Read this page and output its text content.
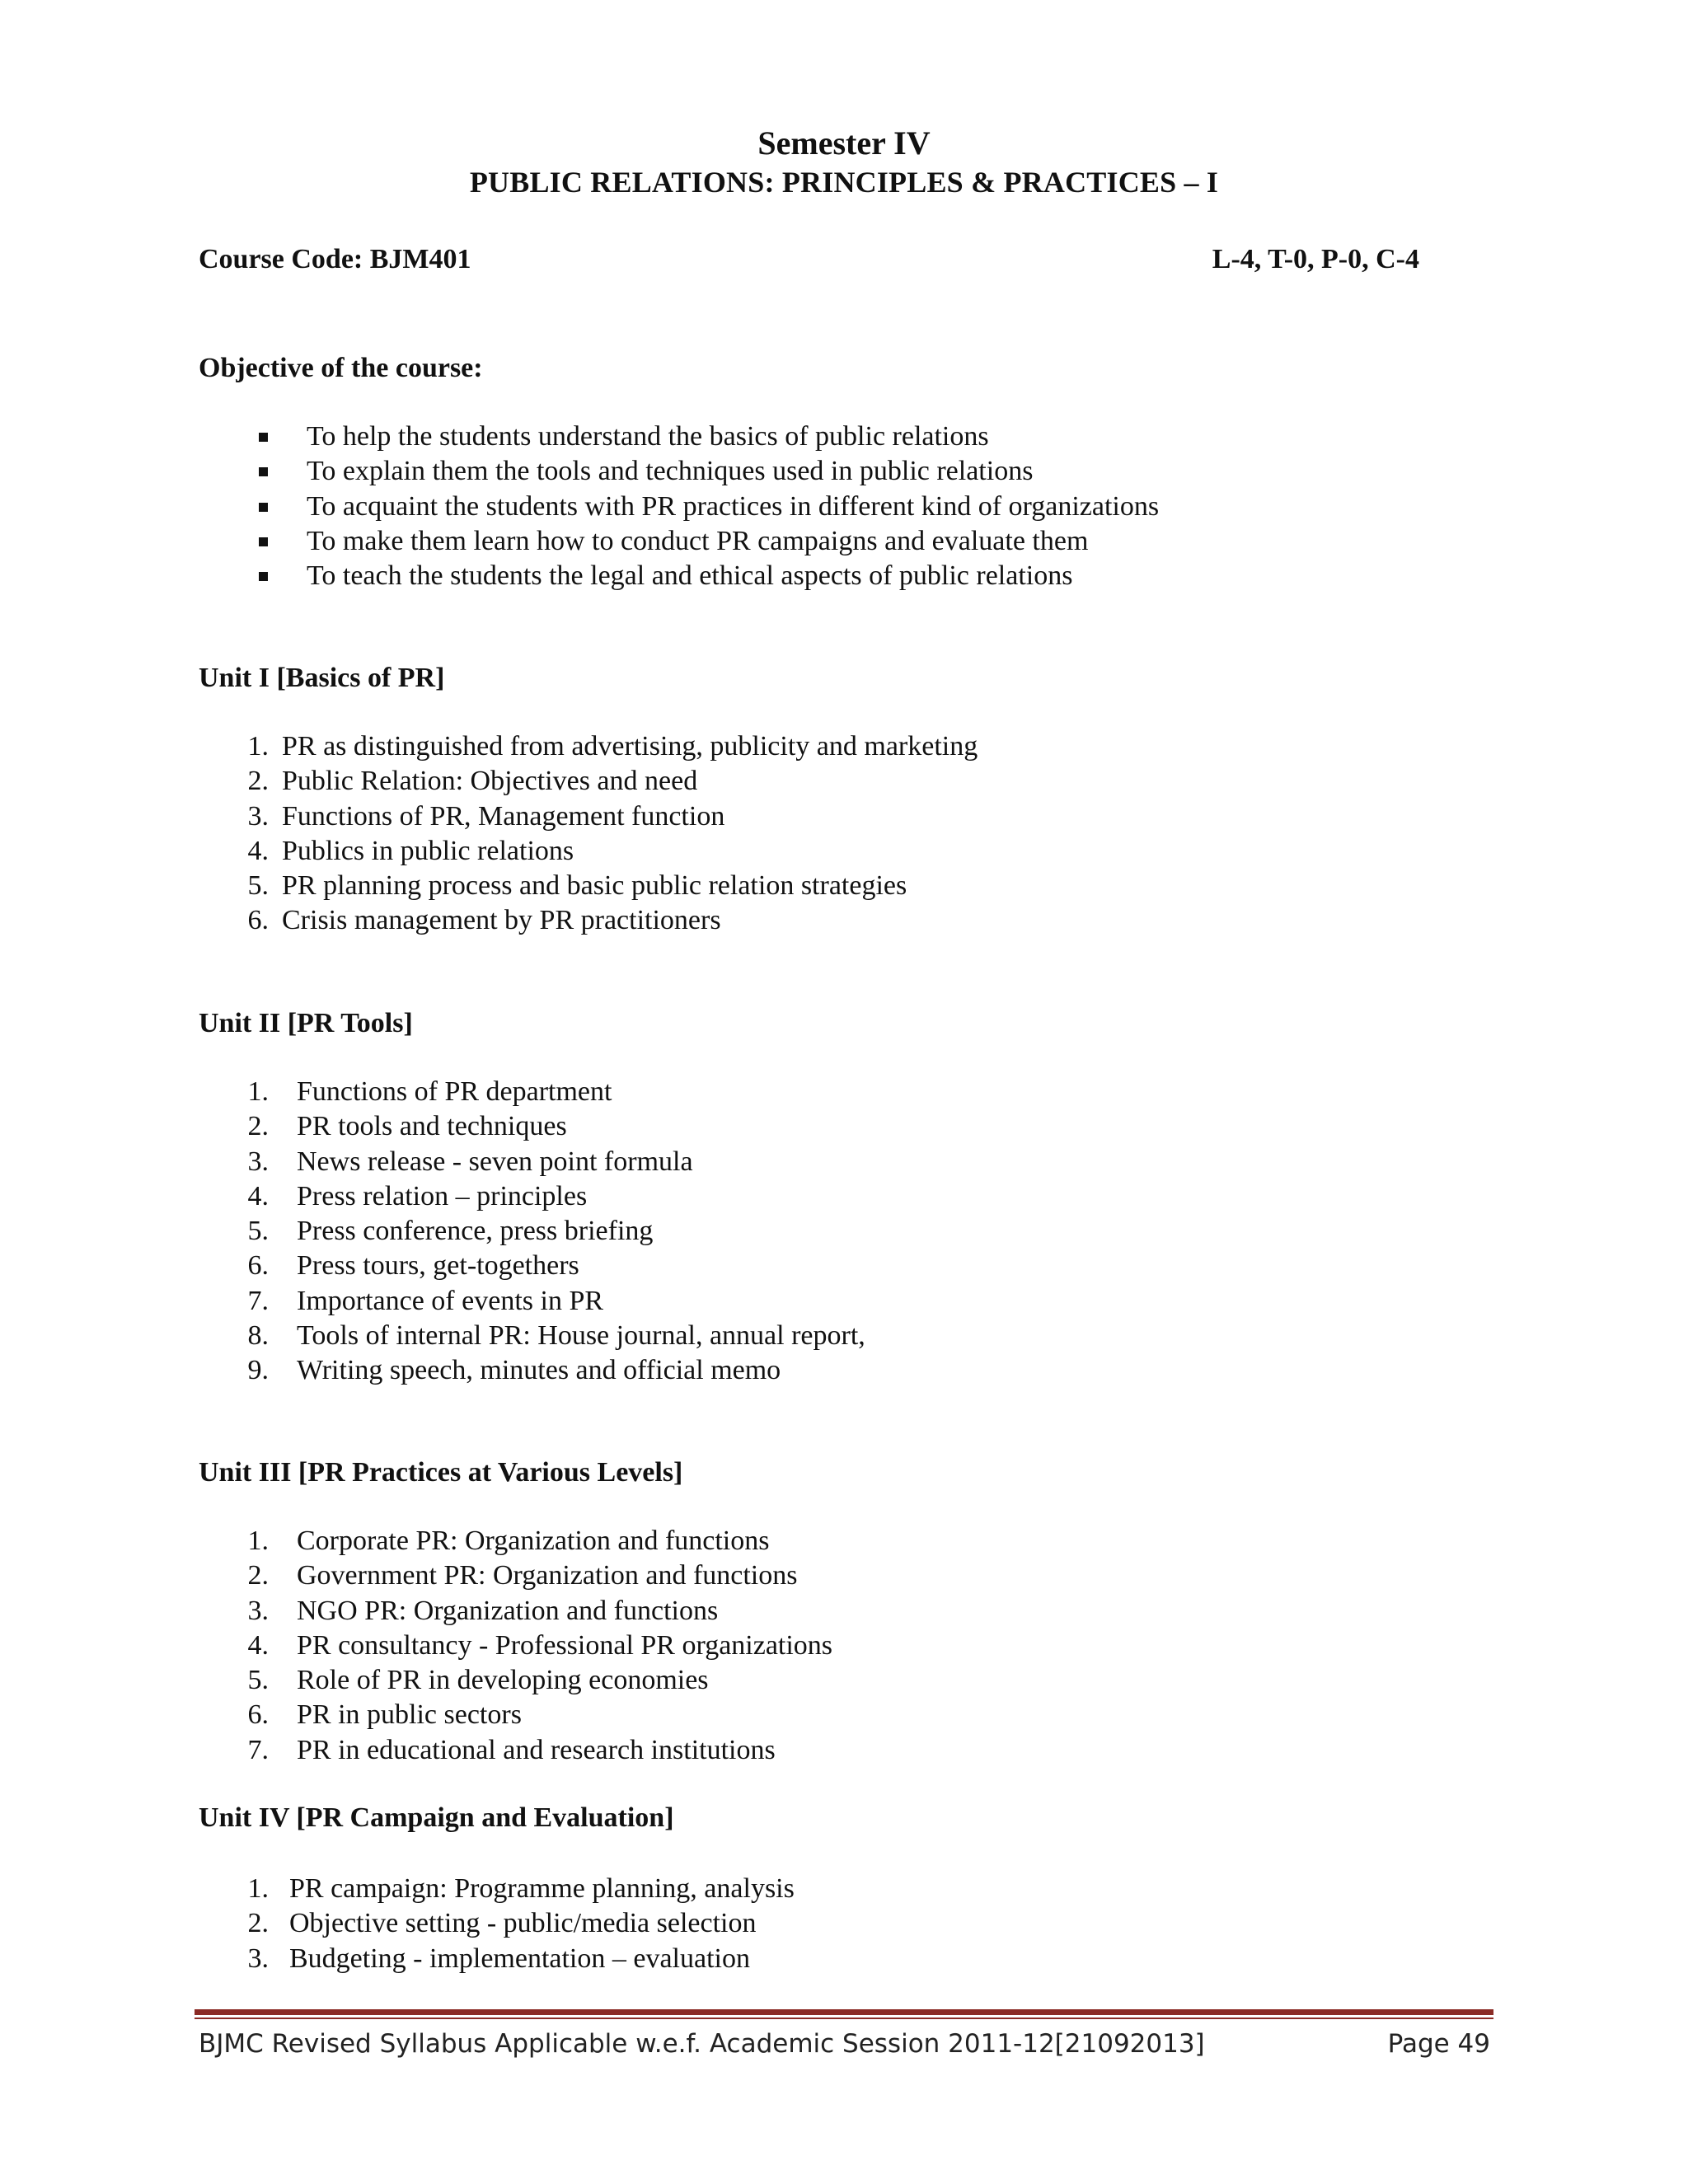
Semester IV
PUBLIC RELATIONS: PRINCIPLES & PRACTICES – I
Course Code: BJM401	L-4, T-0, P-0, C-4
Objective of the course:
To help the students understand the basics of public relations
To explain them the tools and techniques used in public relations
To acquaint the students with PR practices in different kind of organizations
To make them learn how to conduct PR campaigns and evaluate them
To teach the students the legal and ethical aspects of public relations
Unit I [Basics of PR]
1. PR as distinguished from advertising, publicity and marketing
2. Public Relation: Objectives and need
3. Functions of PR, Management function
4. Publics in public relations
5. PR planning process and basic public relation strategies
6. Crisis management by PR practitioners
Unit II [PR Tools]
1. Functions of PR department
2. PR tools and techniques
3. News release - seven point formula
4. Press relation – principles
5. Press conference, press briefing
6. Press tours, get-togethers
7. Importance of events in PR
8. Tools of internal PR: House journal, annual report,
9. Writing speech, minutes and official memo
Unit III [PR Practices at Various Levels]
1. Corporate PR: Organization and functions
2. Government PR: Organization and functions
3. NGO PR: Organization and functions
4. PR consultancy - Professional PR organizations
5. Role of PR in developing economies
6. PR in public sectors
7. PR in educational and research institutions
Unit IV [PR Campaign and Evaluation]
1. PR campaign: Programme planning, analysis
2. Objective setting - public/media selection
3. Budgeting - implementation – evaluation
BJMC Revised Syllabus Applicable w.e.f. Academic Session 2011-12[21092013]	Page 49
